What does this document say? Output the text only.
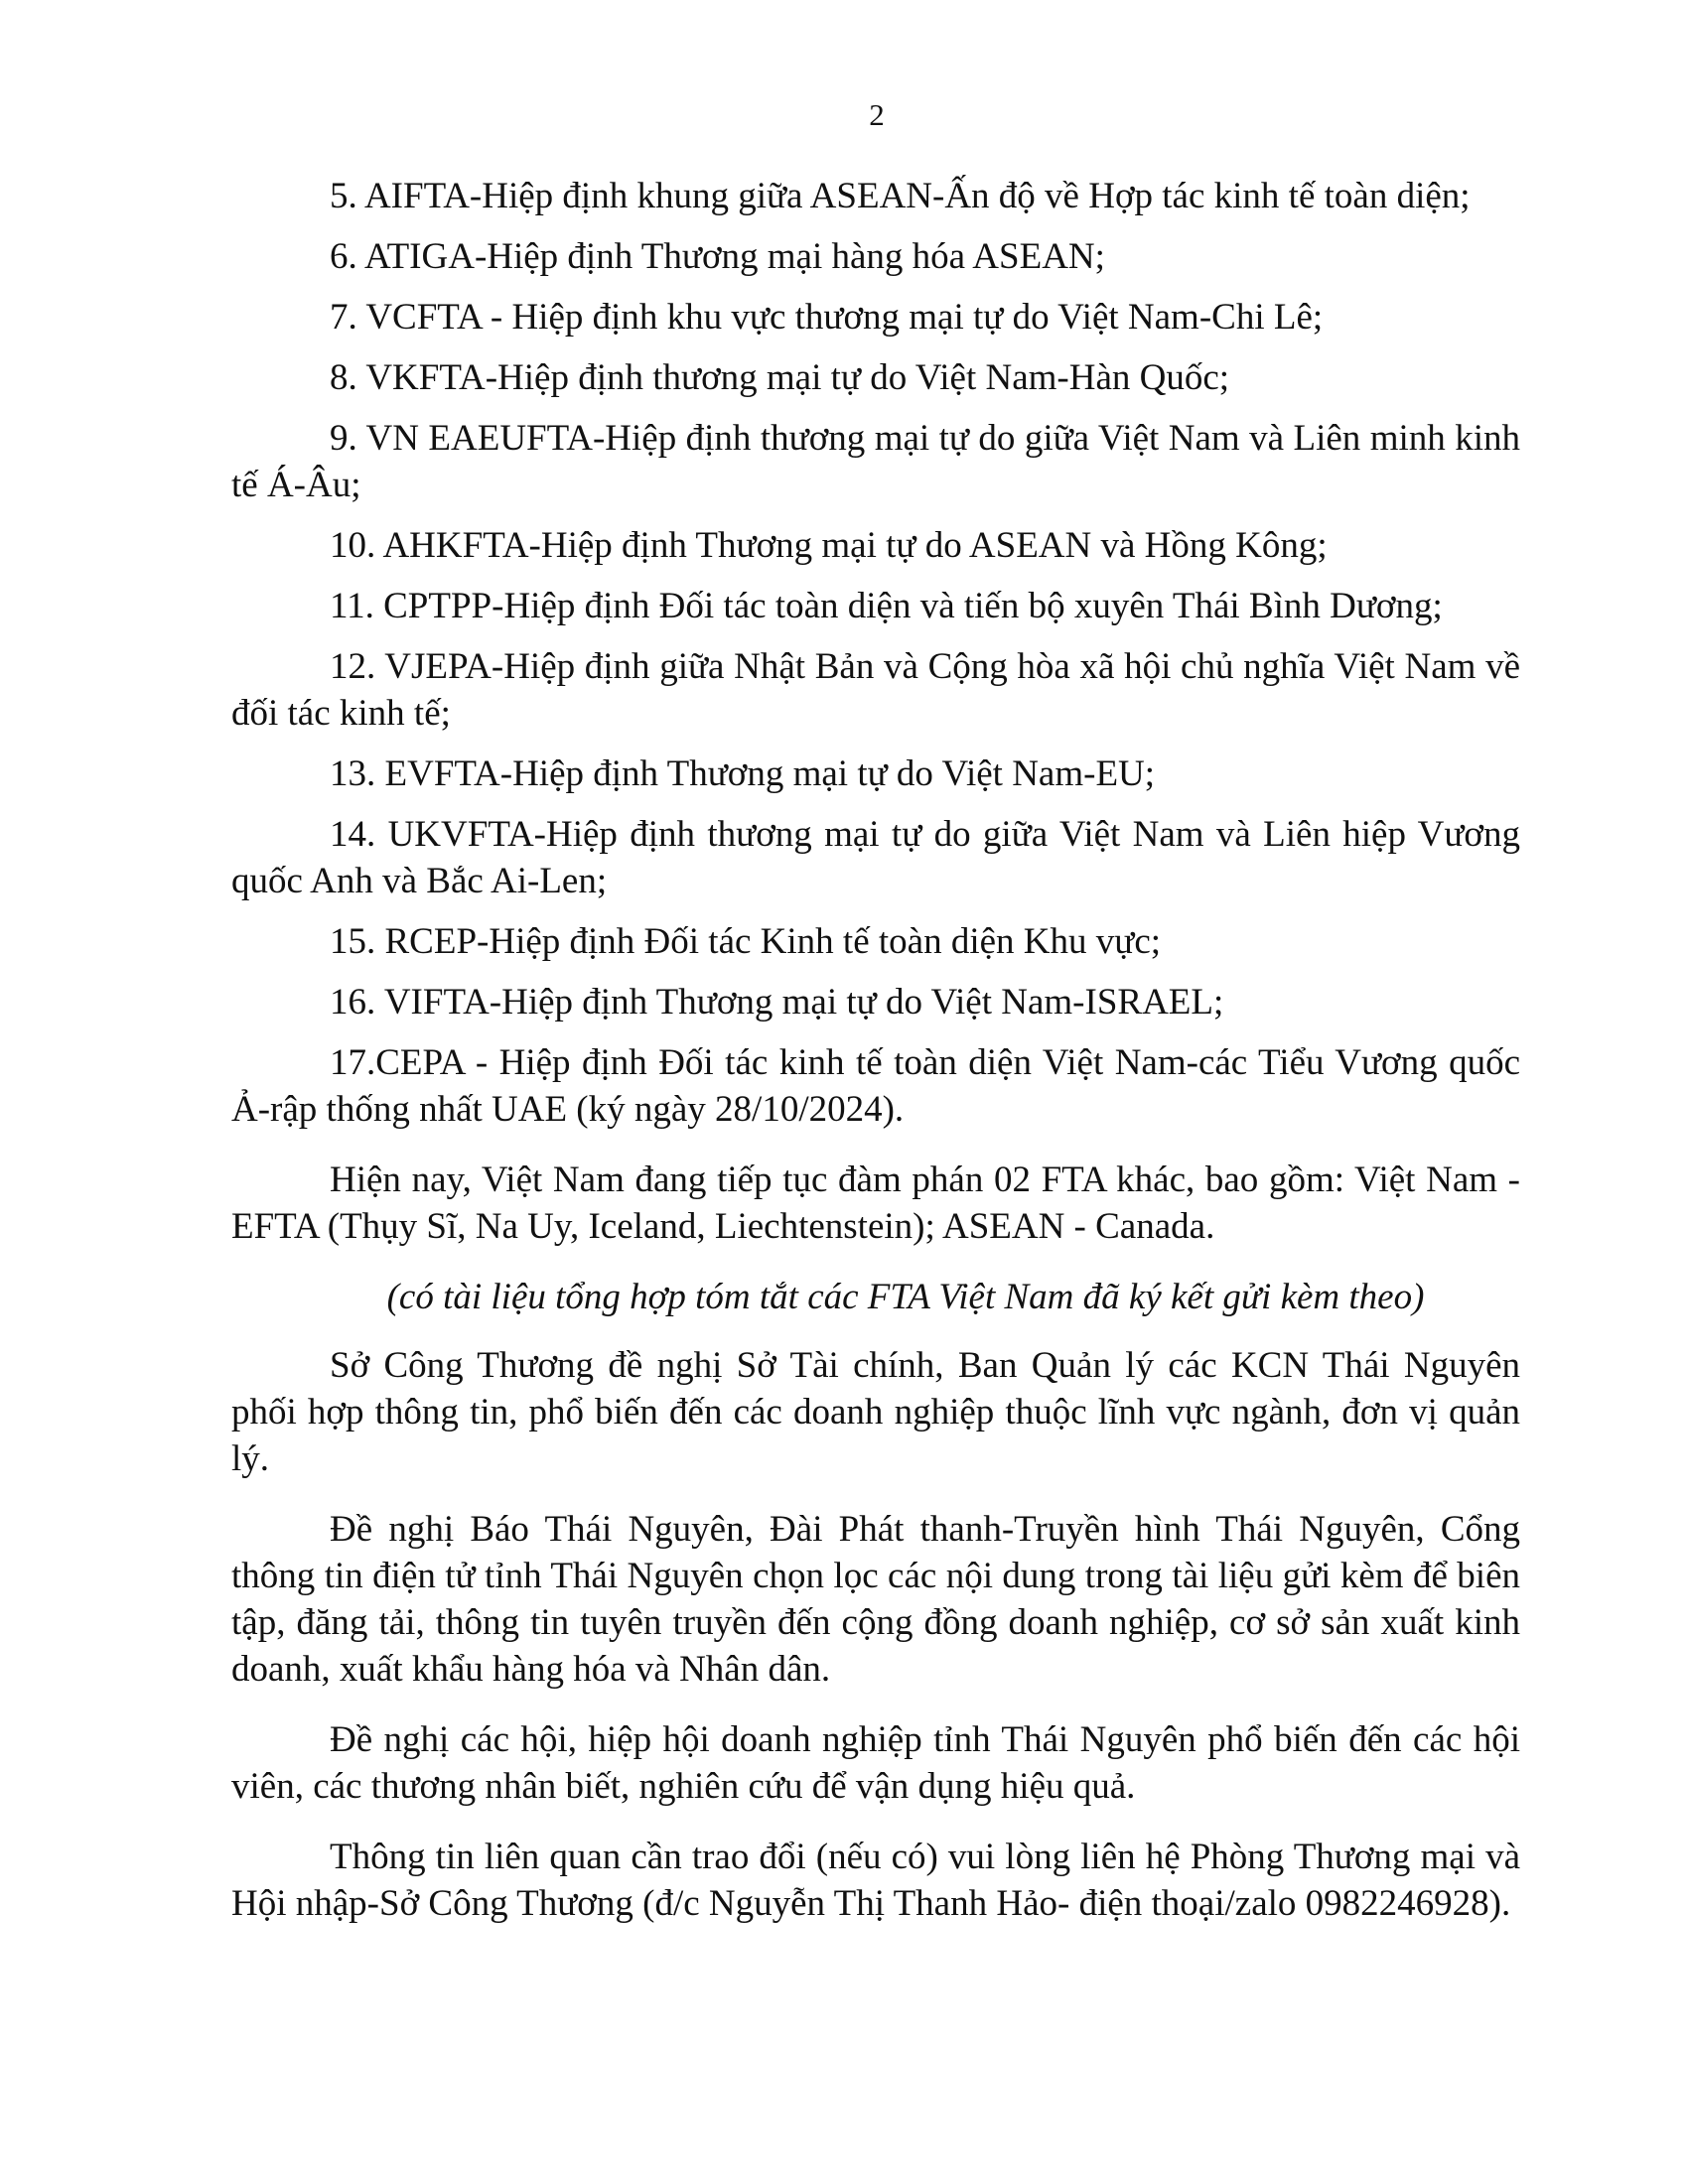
2

5. AIFTA-Hiệp định khung giữa ASEAN-Ấn độ về Hợp tác kinh tế toàn diện;

6. ATIGA-Hiệp định Thương mại hàng hóa ASEAN;

7. VCFTA - Hiệp định khu vực thương mại tự do Việt Nam-Chi Lê;

8. VKFTA-Hiệp định thương mại tự do Việt Nam-Hàn Quốc;

9. VN EAEUFTA-Hiệp định thương mại tự do giữa Việt Nam và Liên minh kinh tế Á-Âu;

10. AHKFTA-Hiệp định Thương mại tự do ASEAN và Hồng Kông;

11. CPTPP-Hiệp định Đối tác toàn diện và tiến bộ xuyên Thái Bình Dương;

12. VJEPA-Hiệp định giữa Nhật Bản và Cộng hòa xã hội chủ nghĩa Việt Nam về đối tác kinh tế;

13. EVFTA-Hiệp định Thương mại tự do Việt Nam-EU;

14. UKVFTA-Hiệp định thương mại tự do giữa Việt Nam và Liên hiệp Vương quốc Anh và Bắc Ai-Len;

15. RCEP-Hiệp định Đối tác Kinh tế toàn diện Khu vực;

16. VIFTA-Hiệp định Thương mại tự do Việt Nam-ISRAEL;

17.CEPA - Hiệp định Đối tác kinh tế toàn diện Việt Nam-các Tiểu Vương quốc Ả-rập thống nhất UAE (ký ngày 28/10/2024).

Hiện nay, Việt Nam đang tiếp tục đàm phán 02 FTA khác, bao gồm: Việt Nam - EFTA (Thụy Sĩ, Na Uy, Iceland, Liechtenstein); ASEAN - Canada.

(có tài liệu tổng hợp tóm tắt các FTA Việt Nam đã ký kết gửi kèm theo)

Sở Công Thương đề nghị Sở Tài chính, Ban Quản lý các KCN Thái Nguyên phối hợp thông tin, phổ biến đến các doanh nghiệp thuộc lĩnh vực ngành, đơn vị quản lý.

Đề nghị Báo Thái Nguyên, Đài Phát thanh-Truyền hình Thái Nguyên, Cổng thông tin điện tử tỉnh Thái Nguyên chọn lọc các nội dung trong tài liệu gửi kèm để biên tập, đăng tải, thông tin tuyên truyền đến cộng đồng doanh nghiệp, cơ sở sản xuất kinh doanh, xuất khẩu hàng hóa và Nhân dân.

Đề nghị các hội, hiệp hội doanh nghiệp tỉnh Thái Nguyên phổ biến đến các hội viên, các thương nhân biết, nghiên cứu để vận dụng hiệu quả.

Thông tin liên quan cần trao đổi (nếu có) vui lòng liên hệ Phòng Thương mại và Hội nhập-Sở Công Thương (đ/c Nguyễn Thị Thanh Hảo- điện thoại/zalo 0982246928).
